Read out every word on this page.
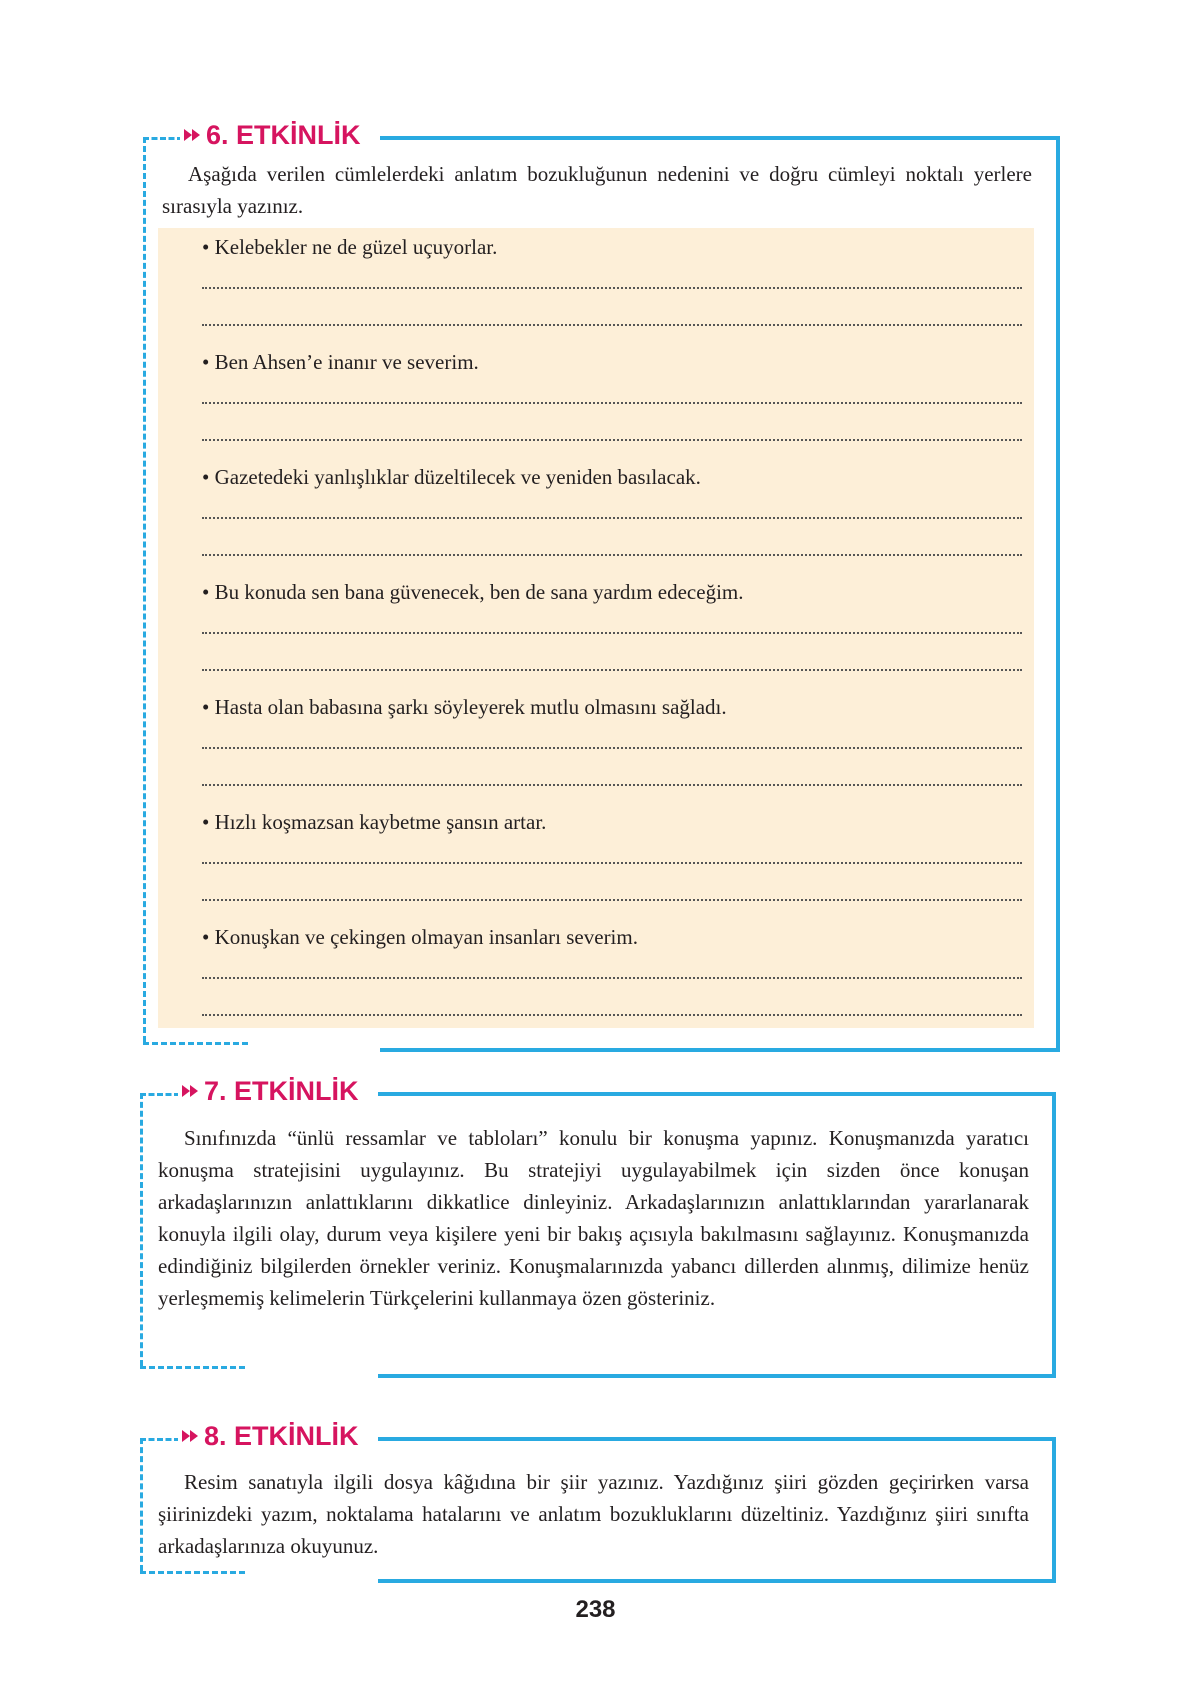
6. ETKİNLİK

Aşağıda verilen cümlelerdeki anlatım bozukluğunun nedenini ve doğru cümleyi noktalı yerlere sırasıyla yazınız.

• Kelebekler ne de güzel uçuyorlar.
• Ben Ahsen’e inanır ve severim.
• Gazetedeki yanlışlıklar düzeltilecek ve yeniden basılacak.
• Bu konuda sen bana güvenecek, ben de sana yardım edeceğim.
• Hasta olan babasına şarkı söyleyerek mutlu olmasını sağladı.
• Hızlı koşmazsan kaybetme şansın artar.
• Konuşkan ve çekingen olmayan insanları severim.
7. ETKİNLİK

Sınıfınızda “ünlü ressamlar ve tabloları” konulu bir konuşma yapınız. Konuşmanızda yaratıcı konuşma stratejisini uygulayınız. Bu stratejiyi uygulayabilmek için sizden önce konuşan arkadaşlarınızın anlattıklarını dikkatlice dinleyiniz. Arkadaşlarınızın anlattıklarından yararlanarak konuyla ilgili olay, durum veya kişilere yeni bir bakış açısıyla bakılmasını sağlayınız. Konuşmanızda edindiğiniz bilgilerden örnekler veriniz. Konuşmalarınızda yabancı dillerden alınmış, dilimize henüz yerleşmemiş kelimelerin Türkçelerini kullanmaya özen gösteriniz.

8. ETKİNLİK

Resim sanatıyla ilgili dosya kâğıdına bir şiir yazınız. Yazdığınız şiiri gözden geçirirken varsa şiirinizdeki yazım, noktalama hatalarını ve anlatım bozukluklarını düzeltiniz. Yazdığınız şiiri sınıfta arkadaşlarınıza okuyunuz.

238
